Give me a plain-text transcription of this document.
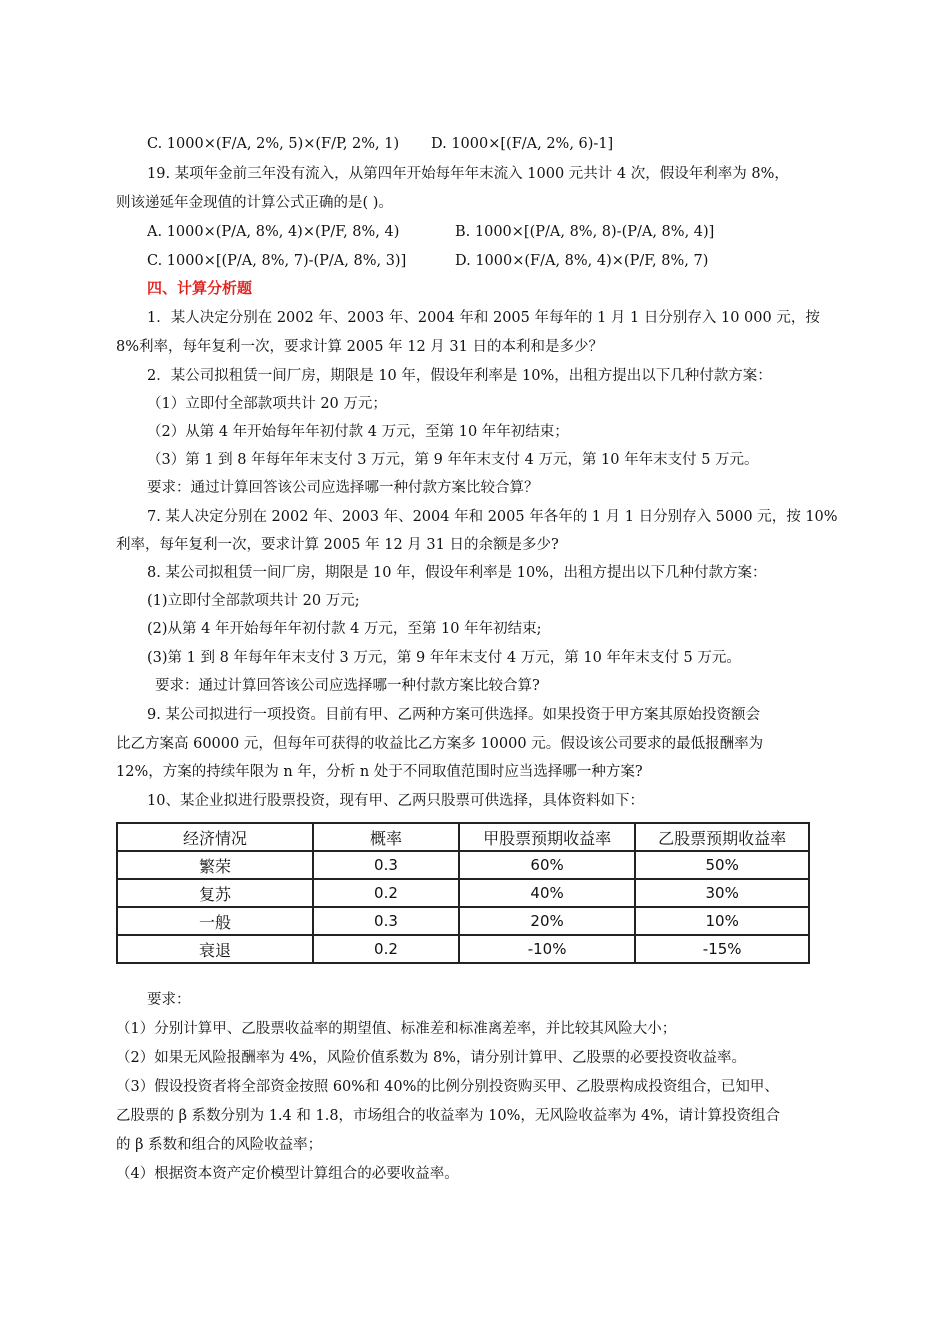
C. 1000×(F/A, 2%, 5)×(F/P, 2%, 1) D. 1000×[(F/A, 2%, 6)-1]
19. 某项年金前三年没有流入，从第四年开始每年年末流入 1000 元共计 4 次，假设年利率为 8%，
则该递延年金现值的计算公式正确的是( )。
A. 1000×(P/A, 8%, 4)×(P/F, 8%, 4)	B. 1000×[(P/A, 8%, 8)-(P/A, 8%, 4)]
C. 1000×[(P/A, 8%, 7)-(P/A, 8%, 3)]	D. 1000×(F/A, 8%, 4)×(P/F, 8%, 7)
四、计算分析题
1．某人决定分别在 2002 年、2003 年、2004 年和 2005 年每年的 1 月 1 日分别存入 10 000 元，按
8%利率，每年复利一次，要求计算 2005 年 12 月 31 日的本利和是多少？
2．某公司拟租赁一间厂房，期限是 10 年，假设年利率是 10%，出租方提出以下几种付款方案：
（1）立即付全部款项共计 20 万元；
（2）从第 4 年开始每年年初付款 4 万元，至第 10 年年初结束；
（3）第 1 到 8 年每年年末支付 3 万元，第 9 年年末支付 4 万元，第 10 年年末支付 5 万元。
要求：通过计算回答该公司应选择哪一种付款方案比较合算？
7. 某人决定分别在 2002 年、2003 年、2004 年和 2005 年各年的 1 月 1 日分别存入 5000 元，按 10%
利率，每年复利一次，要求计算 2005 年 12 月 31 日的余额是多少?
8. 某公司拟租赁一间厂房，期限是 10 年，假设年利率是 10%，出租方提出以下几种付款方案：
(1)立即付全部款项共计 20 万元;
(2)从第 4 年开始每年年初付款 4 万元，至第 10 年年初结束;
(3)第 1 到 8 年每年年末支付 3 万元，第 9 年年末支付 4 万元，第 10 年年末支付 5 万元。
要求：通过计算回答该公司应选择哪一种付款方案比较合算?
9. 某公司拟进行一项投资。目前有甲、乙两种方案可供选择。如果投资于甲方案其原始投资额会
比乙方案高 60000 元，但每年可获得的收益比乙方案多 10000 元。假设该公司要求的最低报酬率为
12%，方案的持续年限为 n 年，分析 n 处于不同取值范围时应当选择哪一种方案?
10、某企业拟进行股票投资，现有甲、乙两只股票可供选择，具体资料如下：
经济情况	概率	甲股票预期收益率	乙股票预期收益率
繁荣	0.3	60%	50%
复苏	0.2	40%	30%
一般	0.3	20%	10%
衰退	0.2	-10%	-15%
要求：
（1）分别计算甲、乙股票收益率的期望值、标准差和标准离差率，并比较其风险大小；
（2）如果无风险报酬率为 4%，风险价值系数为 8%，请分别计算甲、乙股票的必要投资收益率。
（3）假设投资者将全部资金按照 60%和 40%的比例分别投资购买甲、乙股票构成投资组合，已知甲、
乙股票的 β 系数分别为 1.4 和 1.8，市场组合的收益率为 10%，无风险收益率为 4%，请计算投资组合
的 β 系数和组合的风险收益率；
（4）根据资本资产定价模型计算组合的必要收益率。
